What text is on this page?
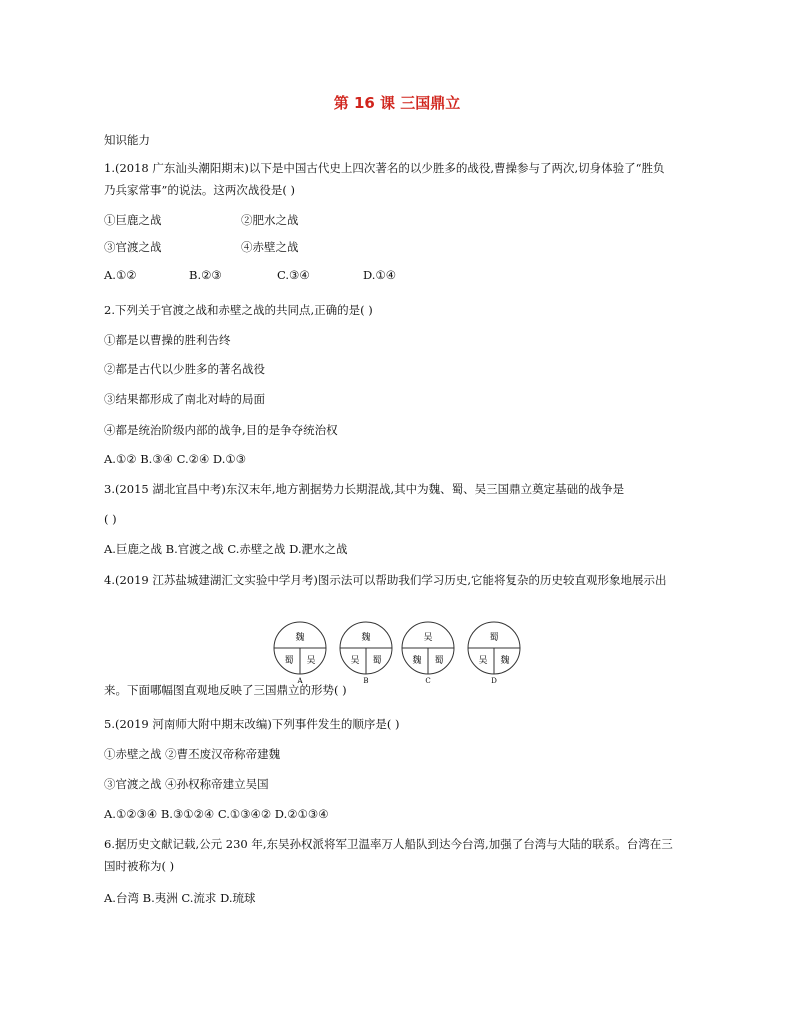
第 16 课 三国鼎立
知识能力
1.(2018 广东汕头潮阳期末)以下是中国古代史上四次著名的以少胜多的战役,曹操参与了两次,切身体验了“胜负
乃兵家常事”的说法。这两次战役是( )
①巨鹿之战	②肥水之战
③官渡之战	④赤壁之战
A.①②	B.②③	C.③④	D.①④
2.下列关于官渡之战和赤壁之战的共同点,正确的是( )
①都是以曹操的胜利告终
②都是古代以少胜多的著名战役
③结果都形成了南北对峙的局面
④都是统治阶级内部的战争,目的是争夺统治权
A.①② B.③④ C.②④ D.①③
3.(2015 湖北宜昌中考)东汉末年,地方割据势力长期混战,其中为魏、蜀、吴三国鼎立奠定基础的战争是
( )
A.巨鹿之战 B.官渡之战 C.赤壁之战 D.淝水之战
4.(2019 江苏盐城建湖汇文实验中学月考)图示法可以帮助我们学习历史,它能将复杂的历史较直观形象地展示出
魏
蜀 吴
A
魏
吴 蜀
B
吴
魏 蜀
C
蜀
吴 魏
D
来。下面哪幅图直观地反映了三国鼎立的形势( )
5.(2019 河南师大附中期末改编)下列事件发生的顺序是( )
①赤壁之战 ②曹丕废汉帝称帝建魏
③官渡之战 ④孙权称帝建立吴国
A.①②③④ B.③①②④ C.①③④② D.②①③④
6.据历史文献记载,公元 230 年,东吴孙权派将军卫温率万人船队到达今台湾,加强了台湾与大陆的联系。台湾在三
国时被称为( )
A.台湾 B.夷洲 C.流求 D.琉球
